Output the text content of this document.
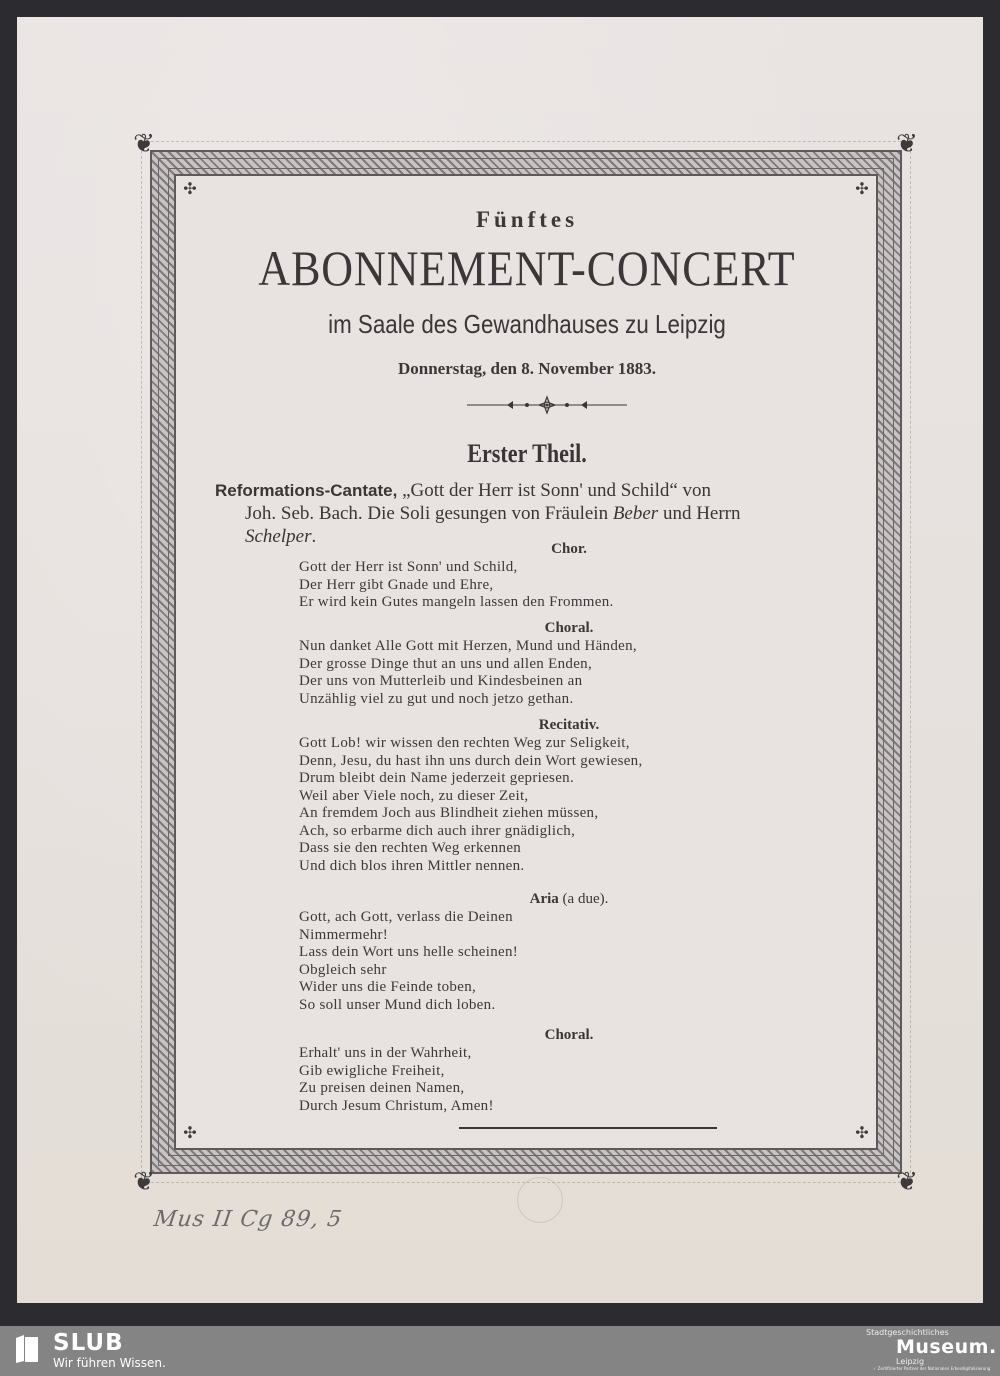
❦	❦
❦	❦
✣	✣
✣	✣
Fünftes
ABONNEMENT-CONCERT
im Saale des Gewandhauses zu Leipzig
Donnerstag, den 8. November 1883.
Erster Theil.
Reformations-Cantate, „Gott der Herr ist Sonn' und Schild“ von
Joh. Seb. Bach. Die Soli gesungen von Fräulein Beber und Herrn
Schelper.
Chor.
Gott der Herr ist Sonn' und Schild,
Der Herr gibt Gnade und Ehre,
Er wird kein Gutes mangeln lassen den Frommen.
Choral.
Nun danket Alle Gott mit Herzen, Mund und Händen,
Der grosse Dinge thut an uns und allen Enden,
Der uns von Mutterleib und Kindesbeinen an
Unzählig viel zu gut und noch jetzo gethan.
Recitativ.
Gott Lob! wir wissen den rechten Weg zur Seligkeit,
Denn, Jesu, du hast ihn uns durch dein Wort gewiesen,
Drum bleibt dein Name jederzeit gepriesen.
Weil aber Viele noch, zu dieser Zeit,
An fremdem Joch aus Blindheit ziehen müssen,
Ach, so erbarme dich auch ihrer gnädiglich,
Dass sie den rechten Weg erkennen
Und dich blos ihren Mittler nennen.
Aria (a due).
Gott, ach Gott, verlass die Deinen
Nimmermehr!
Lass dein Wort uns helle scheinen!
Obgleich sehr
Wider uns die Feinde toben,
So soll unser Mund dich loben.
Choral.
Erhalt' uns in der Wahrheit,
Gib ewigliche Freiheit,
Zu preisen deinen Namen,
Durch Jesum Christum, Amen!
Mus II Cg 89, 5
SLUB
Wir führen Wissen.
Stadtgeschichtliches
Museum.
Leipzig
✓ Zertifizierter Partner der Nationalen Erbesdigitalisierung
